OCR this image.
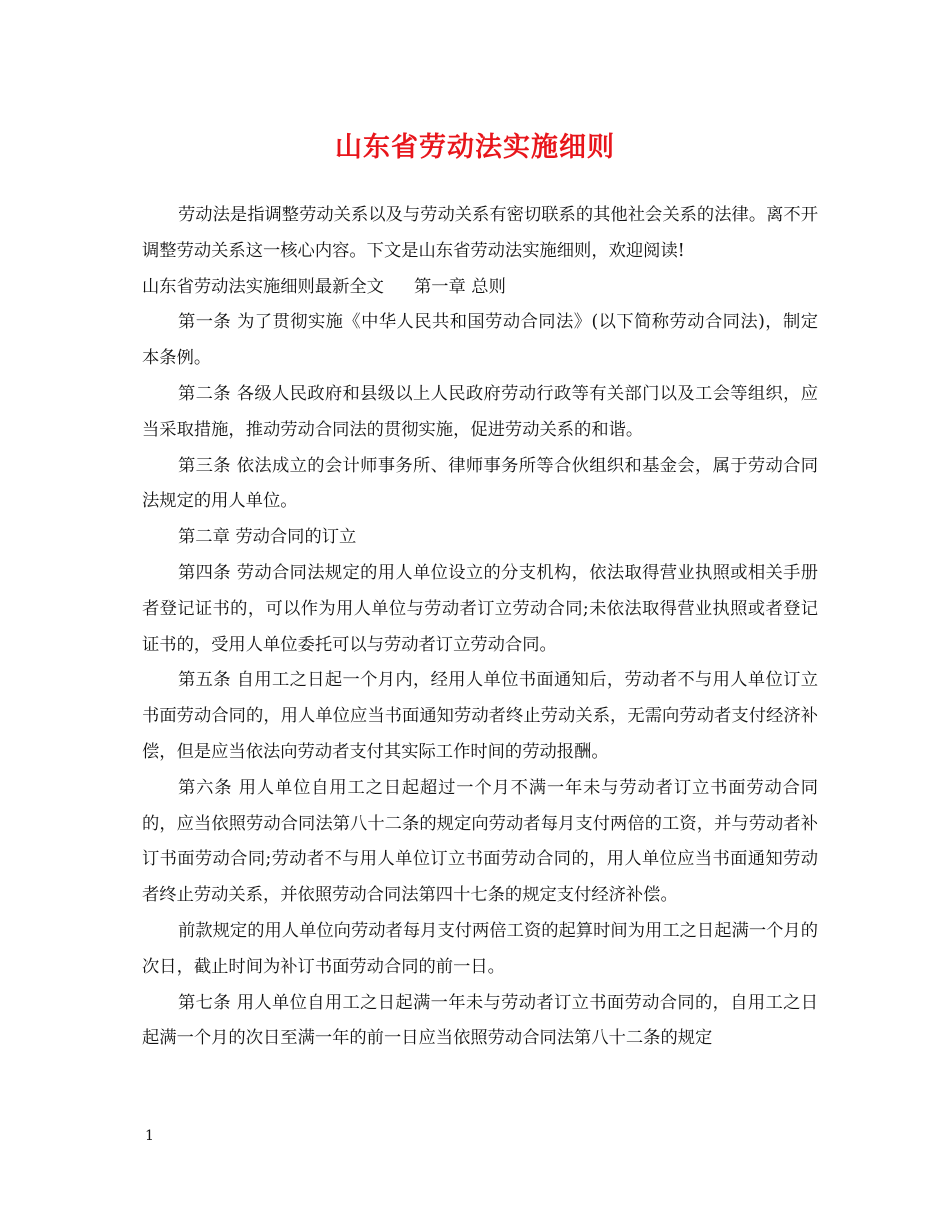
山东省劳动法实施细则

劳动法是指调整劳动关系以及与劳动关系有密切联系的其他社会关系的法律。离不开调整劳动关系这一核心内容。下文是山东省劳动法实施细则，欢迎阅读!

山东省劳动法实施细则最新全文 第一章 总则

第一条 为了贯彻实施《中华人民共和国劳动合同法》(以下简称劳动合同法)，制定本条例。

第二条 各级人民政府和县级以上人民政府劳动行政等有关部门以及工会等组织，应当采取措施，推动劳动合同法的贯彻实施，促进劳动关系的和谐。

第三条 依法成立的会计师事务所、律师事务所等合伙组织和基金会，属于劳动合同法规定的用人单位。

第二章 劳动合同的订立

第四条 劳动合同法规定的用人单位设立的分支机构，依法取得营业执照或相关手册者登记证书的，可以作为用人单位与劳动者订立劳动合同;未依法取得营业执照或者登记证书的，受用人单位委托可以与劳动者订立劳动合同。

第五条 自用工之日起一个月内，经用人单位书面通知后，劳动者不与用人单位订立书面劳动合同的，用人单位应当书面通知劳动者终止劳动关系，无需向劳动者支付经济补偿，但是应当依法向劳动者支付其实际工作时间的劳动报酬。

第六条 用人单位自用工之日起超过一个月不满一年未与劳动者订立书面劳动合同的，应当依照劳动合同法第八十二条的规定向劳动者每月支付两倍的工资，并与劳动者补订书面劳动合同;劳动者不与用人单位订立书面劳动合同的，用人单位应当书面通知劳动者终止劳动关系，并依照劳动合同法第四十七条的规定支付经济补偿。

前款规定的用人单位向劳动者每月支付两倍工资的起算时间为用工之日起满一个月的次日，截止时间为补订书面劳动合同的前一日。

第七条 用人单位自用工之日起满一年未与劳动者订立书面劳动合同的，自用工之日起满一个月的次日至满一年的前一日应当依照劳动合同法第八十二条的规定

1
